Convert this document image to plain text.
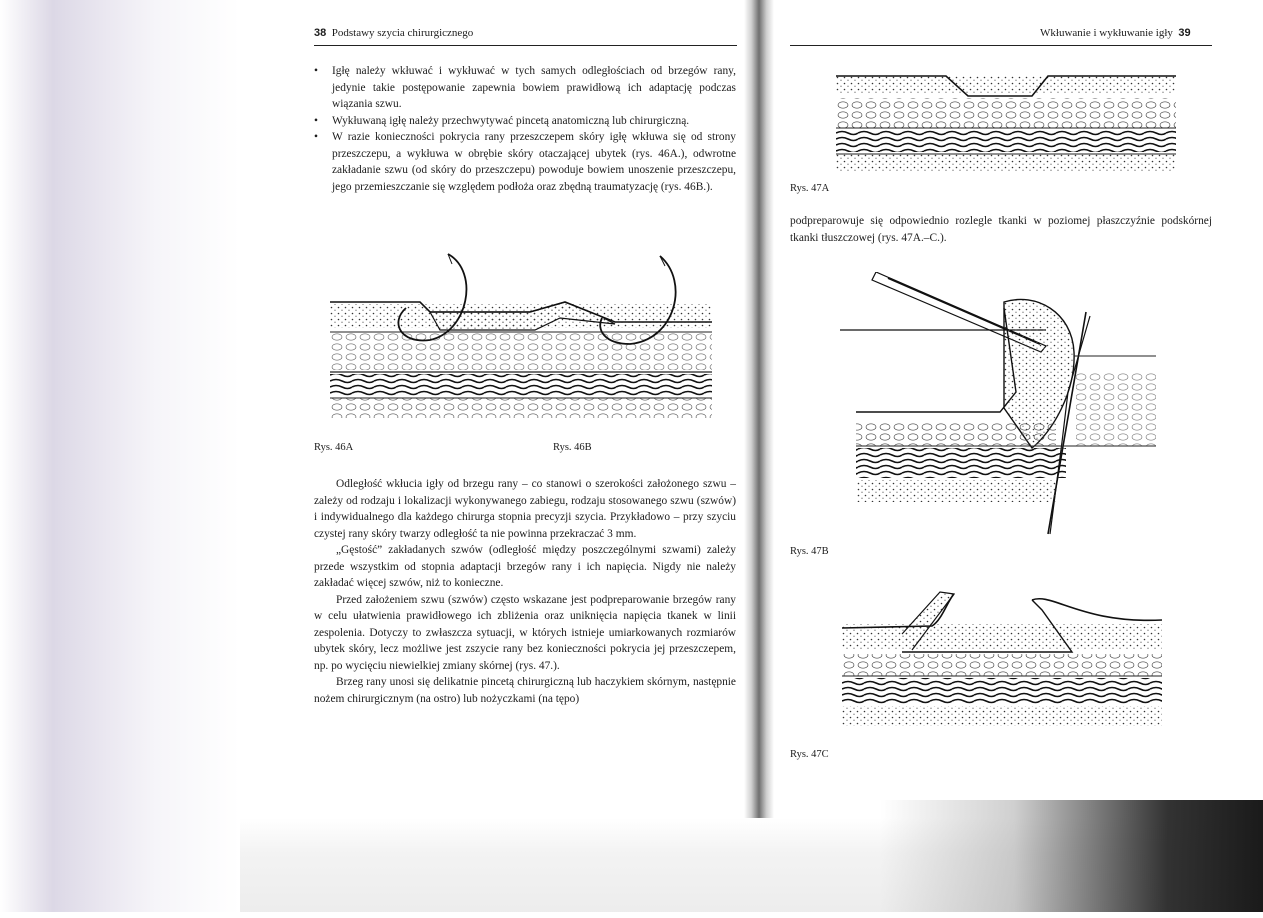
38 Podstawy szycia chirurgicznego
• Igłę należy wkłuwać i wykłuwać w tych samych odległościach od brzegów rany, jedynie takie postępowanie zapewnia bowiem prawidłową ich adaptację podczas wiązania szwu.
• Wykłuwaną igłę należy przechwytywać pincetą anatomiczną lub chirurgiczną.
• W razie konieczności pokrycia rany przeszczepem skóry igłę wkłuwa się od strony przeszczepu, a wykłuwa w obrębie skóry otaczającej ubytek (rys. 46A.), odwrotne zakładanie szwu (od skóry do przeszczepu) powoduje bowiem unoszenie przeszczepu, jego przemieszczanie się względem podłoża oraz zbędną traumatyzację (rys. 46B.).
Rys. 46A	Rys. 46B

Odległość wkłucia igły od brzegu rany – co stanowi o szerokości założonego szwu – zależy od rodzaju i lokalizacji wykonywanego zabiegu, rodzaju stosowanego szwu (szwów) i indywidualnego dla każdego chirurga stopnia precyzji szycia. Przykładowo – przy szyciu czystej rany skóry twarzy odległość ta nie powinna przekraczać 3 mm.

„Gęstość” zakładanych szwów (odległość między poszczególnymi szwami) zależy przede wszystkim od stopnia adaptacji brzegów rany i ich napięcia. Nigdy nie należy zakładać więcej szwów, niż to konieczne.

Przed założeniem szwu (szwów) często wskazane jest podpreparowanie brzegów rany w celu ułatwienia prawidłowego ich zbliżenia oraz uniknięcia napięcia tkanek w linii zespolenia. Dotyczy to zwłaszcza sytuacji, w których istnieje umiarkowanych rozmiarów ubytek skóry, lecz możliwe jest zszycie rany bez konieczności pokrycia jej przeszczepem, np. po wycięciu niewielkiej zmiany skórnej (rys. 47.).

Brzeg rany unosi się delikatnie pincetą chirurgiczną lub haczykiem skórnym, następnie nożem chirurgicznym (na ostro) lub nożyczkami (na tępo)

Wkłuwanie i wykłuwanie igły 39
Rys. 47A
podpreparowuje się odpowiednio rozlegle tkanki w poziomej płaszczyźnie podskórnej tkanki tłuszczowej (rys. 47A.–C.).
Rys. 47B
Rys. 47C
